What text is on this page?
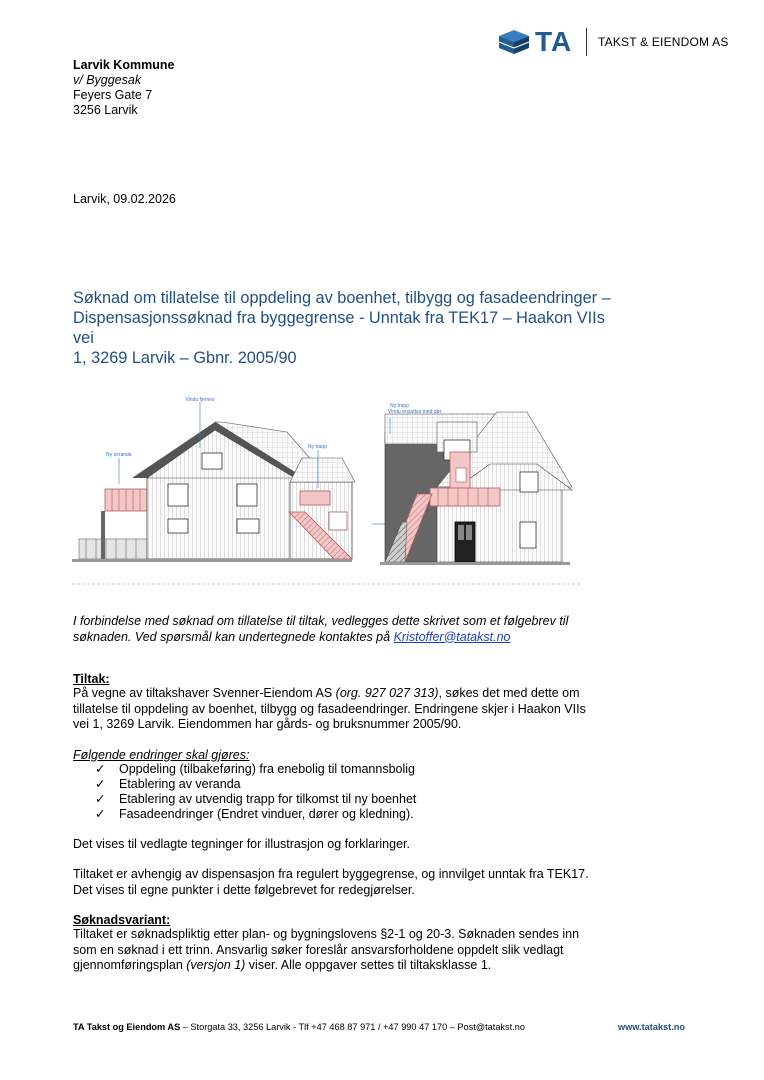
TA TAKST & EIENDOM AS
Larvik Kommune
v/ Byggesak
Feyers Gate 7
3256 Larvik
Larvik, 09.02.2026
Søknad om tillatelse til oppdeling av boenhet, tilbygg og fasadeendringer –
Dispensasjonssøknad fra byggegrense - Unntak fra TEK17 – Haakon VIIs vei
1, 3269 Larvik – Gbnr. 2005/90
Vindu fjernes
Ny veranda
Ny trapp
Ny trapp
Vindu erstattes med dør.
I forbindelse med søknad om tillatelse til tiltak, vedlegges dette skrivet som et følgebrev til
søknaden. Ved spørsmål kan undertegnede kontaktes på Kristoffer@tatakst.no
Tiltak:
På vegne av tiltakshaver Svenner-Eiendom AS (org. 927 027 313), søkes det med dette om
tillatelse til oppdeling av boenhet, tilbygg og fasadeendringer. Endringene skjer i Haakon VIIs
vei 1, 3269 Larvik. Eiendommen har gårds- og bruksnummer 2005/90.
Følgende endringer skal gjøres:
✓ Oppdeling (tilbakeføring) fra enebolig til tomannsbolig
✓ Etablering av veranda
✓ Etablering av utvendig trapp for tilkomst til ny boenhet
✓ Fasadeendringer (Endret vinduer, dører og kledning).
Det vises til vedlagte tegninger for illustrasjon og forklaringer.
Tiltaket er avhengig av dispensasjon fra regulert byggegrense, og innvilget unntak fra TEK17.
Det vises til egne punkter i dette følgebrevet for redegjørelser.
Søknadsvariant:
Tiltaket er søknadspliktig etter plan- og bygningslovens §2-1 og 20-3. Søknaden sendes inn
som en søknad i ett trinn. Ansvarlig søker foreslår ansvarsforholdene oppdelt slik vedlagt
gjennomføringsplan (versjon 1) viser. Alle oppgaver settes til tiltaksklasse 1.
TA Takst og Eiendom AS – Storgata 33, 3256 Larvik - Tlf +47 468 87 971 / +47 990 47 170 – Post@tatakst.no	www.tatakst.no
